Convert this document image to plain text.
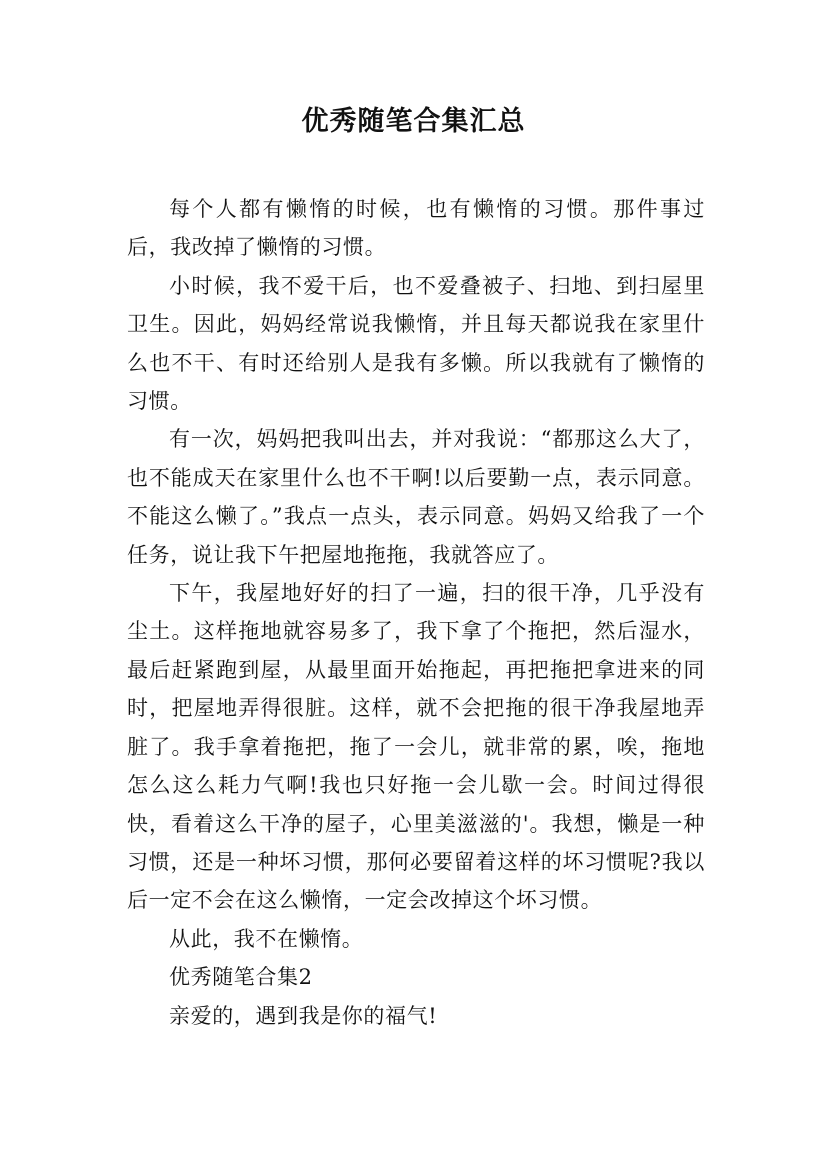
优秀随笔合集汇总

每个人都有懒惰的时候，也有懒惰的习惯。那件事过后，我改掉了懒惰的习惯。

小时候，我不爱干后，也不爱叠被子、扫地、到扫屋里卫生。因此，妈妈经常说我懒惰，并且每天都说我在家里什么也不干、有时还给别人是我有多懒。所以我就有了懒惰的习惯。

有一次，妈妈把我叫出去，并对我说：“都那这么大了，也不能成天在家里什么也不干啊!以后要勤一点，表示同意。不能这么懒了。”我点一点头，表示同意。妈妈又给我了一个任务，说让我下午把屋地拖拖，我就答应了。

下午，我屋地好好的扫了一遍，扫的很干净，几乎没有尘土。这样拖地就容易多了，我下拿了个拖把，然后湿水，最后赶紧跑到屋，从最里面开始拖起，再把拖把拿进来的同时，把屋地弄得很脏。这样，就不会把拖的很干净我屋地弄脏了。我手拿着拖把，拖了一会儿，就非常的累，唉，拖地怎么这么耗力气啊!我也只好拖一会儿歇一会。时间过得很快，看着这么干净的屋子，心里美滋滋的'。我想，懒是一种习惯，还是一种坏习惯，那何必要留着这样的坏习惯呢?我以后一定不会在这么懒惰，一定会改掉这个坏习惯。

从此，我不在懒惰。

优秀随笔合集2

亲爱的，遇到我是你的福气!
